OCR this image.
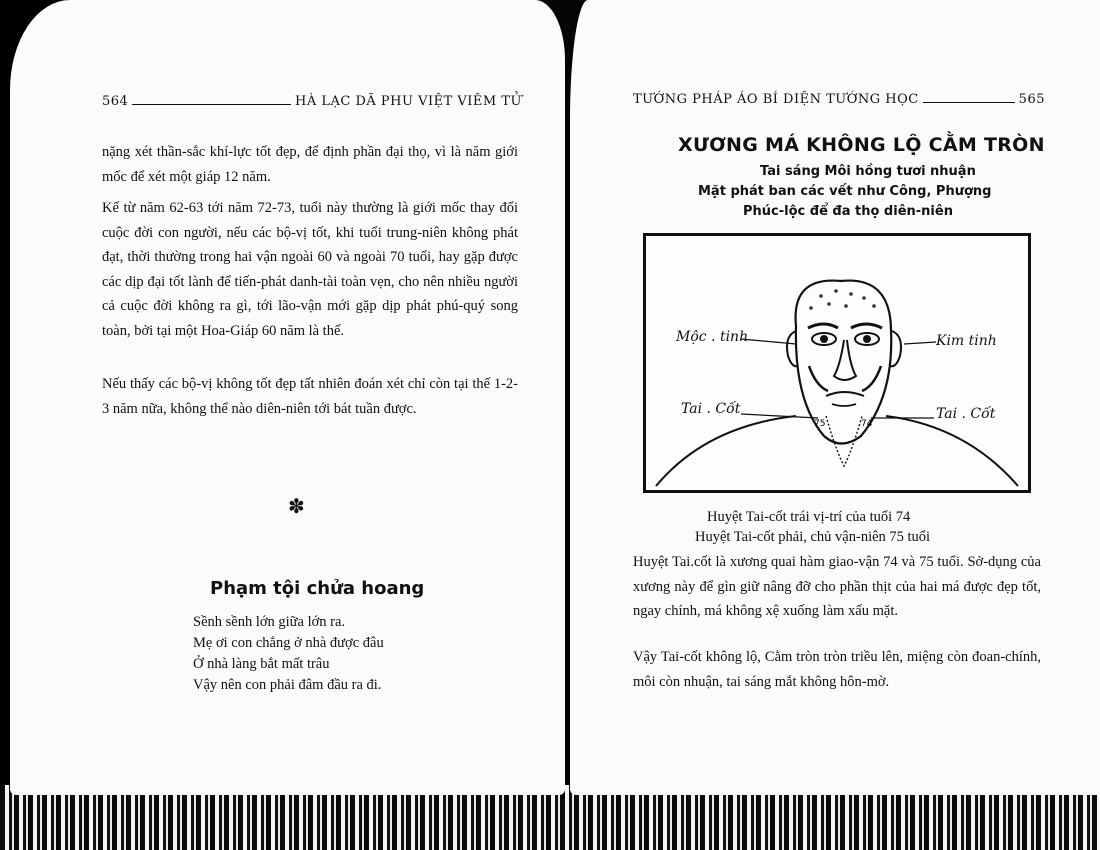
564	HÀ LẠC DÃ PHU VIỆT VIÊM TỬ

nặng xét thần-sắc khí-lực tốt đẹp, để định phần đại thọ, vì là năm giới mốc để xét một giáp 12 năm.

Kể từ năm 62-63 tới năm 72-73, tuổi này thường là giới mốc thay đổi cuộc đời con người, nếu các bộ-vị tốt, khi tuổi trung-niên không phát đạt, thời thường trong hai vận ngoài 60 và ngoài 70 tuổi, hay gặp được các dịp đại tốt lành để tiến-phát danh-tài toàn vẹn, cho nên nhiều người cả cuộc đời không ra gì, tới lão-vận mới gặp dịp phát phú-quý song toàn, bởi tại một Hoa-Giáp 60 năm là thế.

Nếu thấy các bộ-vị không tốt đẹp tất nhiên đoán xét chỉ còn tại thế 1-2-3 năm nữa, không thể nào diên-niên tới bát tuần được.

✽
Phạm tội chửa hoang
Sềnh sềnh lớn giữa lớn ra.
Mẹ ơi con chẳng ở nhà được đâu
Ở nhà làng bắt mất trâu
Vậy nên con phải đâm đầu ra đi.
TƯỚNG PHÁP ÁO BÍ DIỆN TƯỚNG HỌC	565
XƯƠNG MÁ KHÔNG LỘ CẰM TRÒN
Tai sáng Môi hồng tươi nhuận
Mặt phát ban các vết như Công, Phượng
Phúc-lộc để đa thọ diên-niên
75	74
Mộc . tinh	Kim tinh
Tai . Cốt	Tai . Cốt
Huyệt Tai-cốt trái vị-trí của tuổi 74
Huyệt Tai-cốt phải, chủ vận-niên 75 tuổi

Huyệt Tai.cốt là xương quai hàm giao-vận 74 và 75 tuổi. Sở-dụng của xương này để gìn giữ nâng đỡ cho phần thịt của hai má được đẹp tốt, ngay chính, má không xệ xuống làm xấu mặt.

Vậy Tai-cốt không lộ, Cằm tròn tròn triều lên, miệng còn đoan-chính, môi còn nhuận, tai sáng mắt không hôn-mờ.
